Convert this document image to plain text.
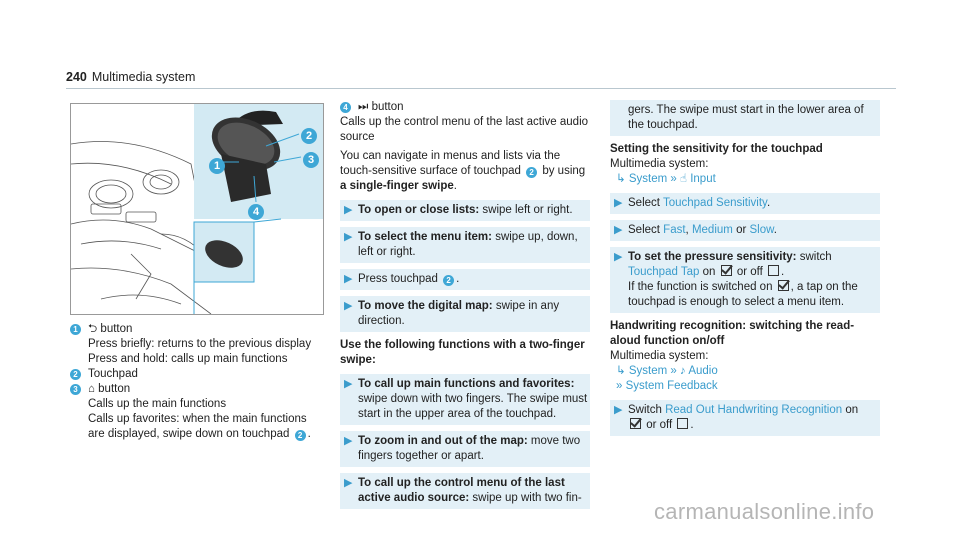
240 Multimedia system
1
2
3
4
1 ⮌ button
Press briefly: returns to the previous display
Press and hold: calls up main functions
2 Touchpad
3 ⌂ button
Calls up the main functions
Calls up favorites: when the main functions are displayed, swipe down on touchpad 2 .
4 ⏭ button
Calls up the control menu of the last active audio source
You can navigate in menus and lists via the touch-sensitive surface of touchpad 2 by using a single-finger swipe.
▶ To open or close lists: swipe left or right.
▶ To select the menu item: swipe up, down, left or right.
▶ Press touchpad 2 .
▶ To move the digital map: swipe in any direction.
Use the following functions with a two-finger swipe:
▶ To call up main functions and favorites: swipe down with two fingers. The swipe must start in the upper area of the touchpad.
▶ To zoom in and out of the map: move two fingers together or apart.
▶ To call up the control menu of the last active audio source: swipe up with two fin-
gers. The swipe must start in the lower area of the touchpad.
Setting the sensitivity for the touchpad
Multimedia system:
↳ System » ☝ Input
▶ Select Touchpad Sensitivity.
▶ Select Fast, Medium or Slow.
▶ To set the pressure sensitivity: switch
Touchpad Tap on or off .
If the function is switched on , a tap on the touchpad is enough to select a menu item.
Handwriting recognition: switching the read-aloud function on/off
Multimedia system:
↳ System » ♪ Audio
» System Feedback
▶ Switch Read Out Handwriting Recognition on
or off .
carmanualsonline.info
